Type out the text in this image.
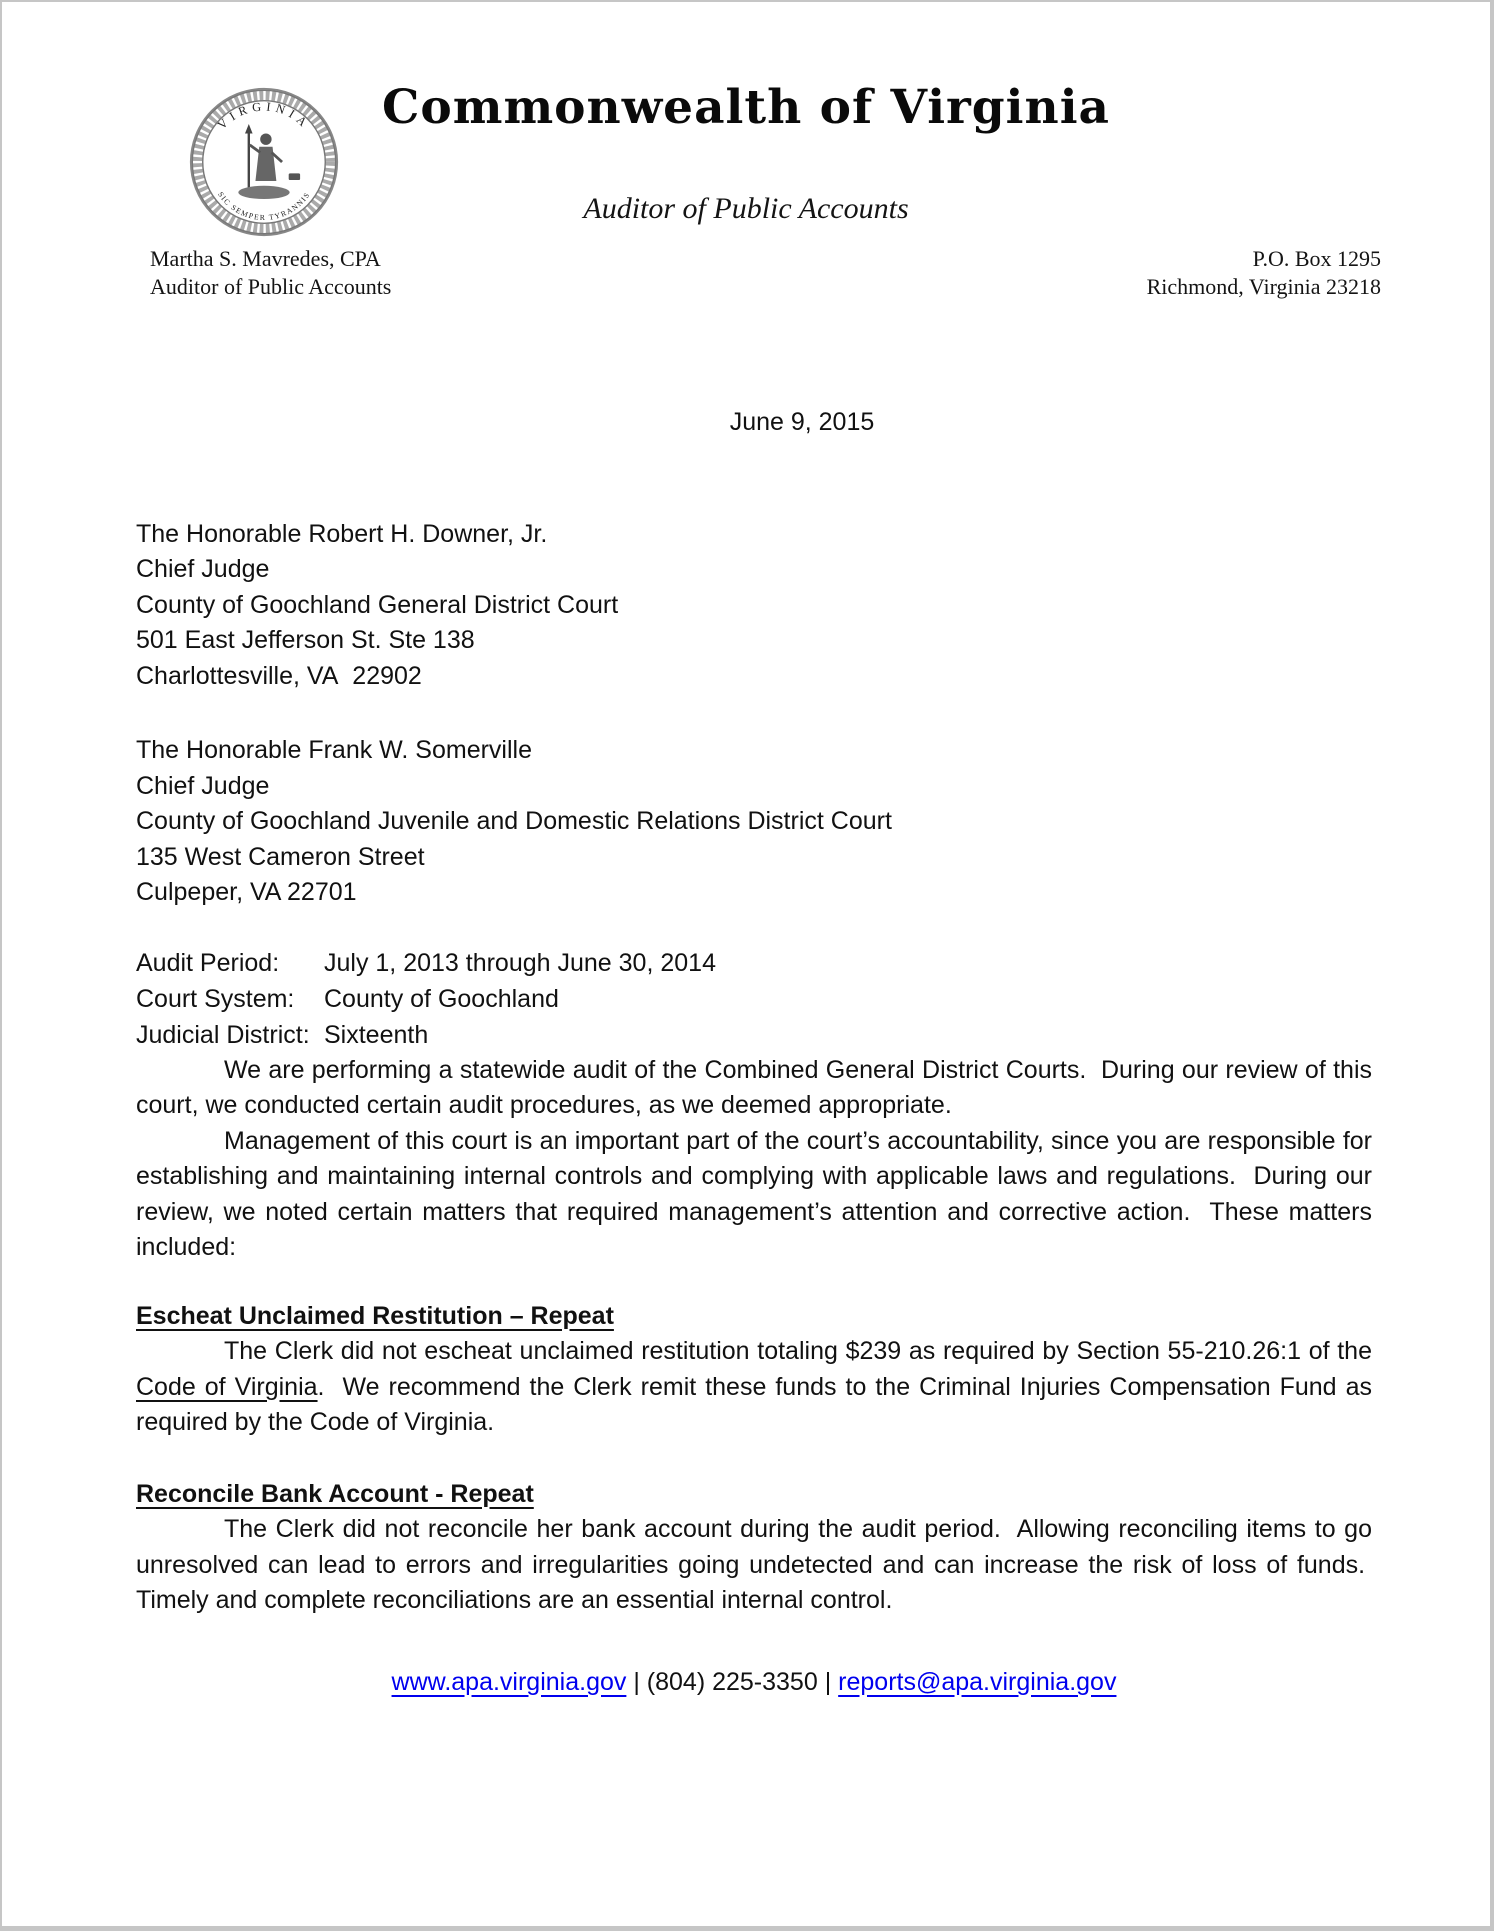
VIRGINIA
SIC SEMPER TYRANNIS
Commonwealth of Virginia
Auditor of Public Accounts
Martha S. Mavredes, CPA
Auditor of Public Accounts
P.O. Box 1295
Richmond, Virginia 23218
June 9, 2015
The Honorable Robert H. Downer, Jr.
Chief Judge
County of Goochland General District Court
501 East Jefferson St. Ste 138
Charlottesville, VA  22902
The Honorable Frank W. Somerville
Chief Judge
County of Goochland Juvenile and Domestic Relations District Court
135 West Cameron Street
Culpeper, VA 22701
Audit Period: July 1, 2013 through June 30, 2014
Court System: County of Goochland
Judicial District: Sixteenth

We are performing a statewide audit of the Combined General District Courts.  During our review of this court, we conducted certain audit procedures, as we deemed appropriate.

Management of this court is an important part of the court’s accountability, since you are responsible for establishing and maintaining internal controls and complying with applicable laws and regulations.  During our review, we noted certain matters that required management’s attention and corrective action.  These matters included:

Escheat Unclaimed Restitution – Repeat

The Clerk did not escheat unclaimed restitution totaling $239 as required by Section 55-210.26:1 of the Code of Virginia.  We recommend the Clerk remit these funds to the Criminal Injuries Compensation Fund as required by the Code of Virginia.

Reconcile Bank Account - Repeat

The Clerk did not reconcile her bank account during the audit period.  Allowing reconciling items to go unresolved can lead to errors and irregularities going undetected and can increase the risk of loss of funds.  Timely and complete reconciliations are an essential internal control.

www.apa.virginia.gov | (804) 225-3350 | reports@apa.virginia.gov
